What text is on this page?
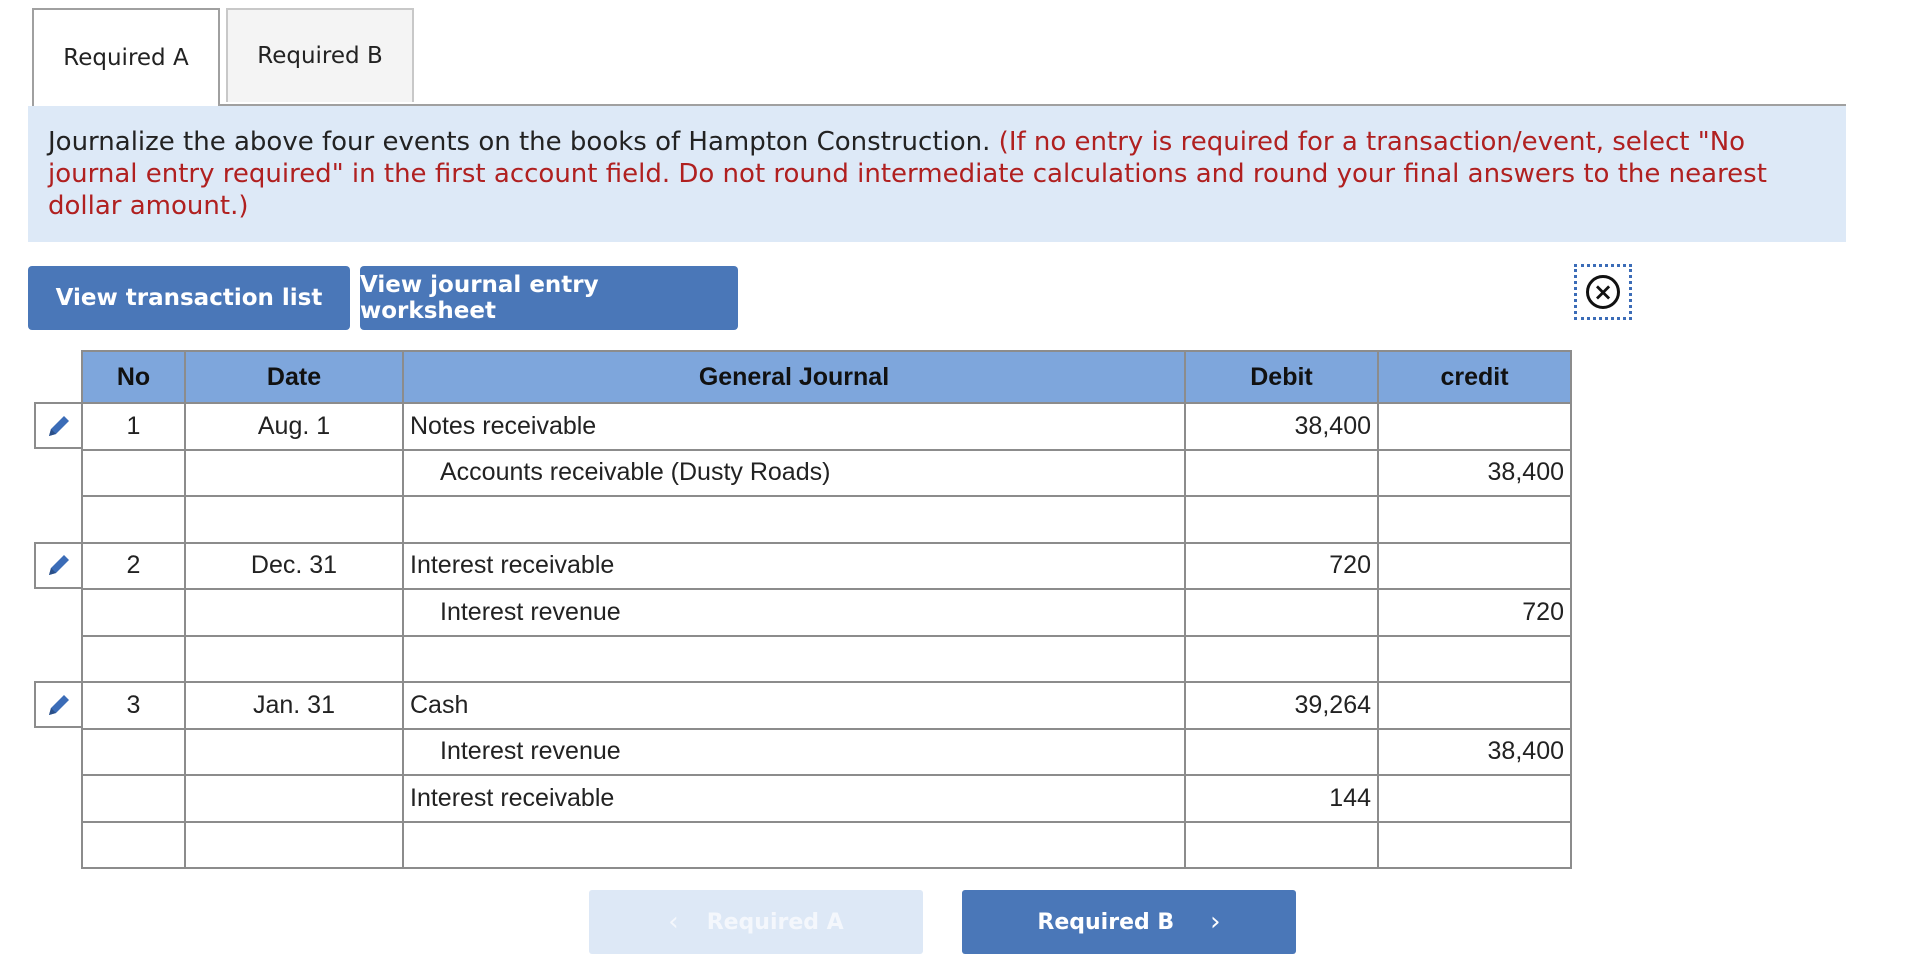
Required A	Required B
Journalize the above four events on the books of Hampton Construction. (If no entry is required for a transaction/event, select "No journal entry required" in the first account field. Do not round intermediate calculations and round your final answers to the nearest dollar amount.)
View transaction list	View journal entry worksheet
×
No	Date	General Journal	Debit	credit
1	Aug. 1	Notes receivable	38,400	
		Accounts receivable (Dusty Roads)		38,400

2	Dec. 31	Interest receivable	720	
		Interest revenue		720

3	Jan. 31	Cash	39,264	
		Interest revenue		38,400
		Interest receivable	144	

‹ Required A	Required B ›
